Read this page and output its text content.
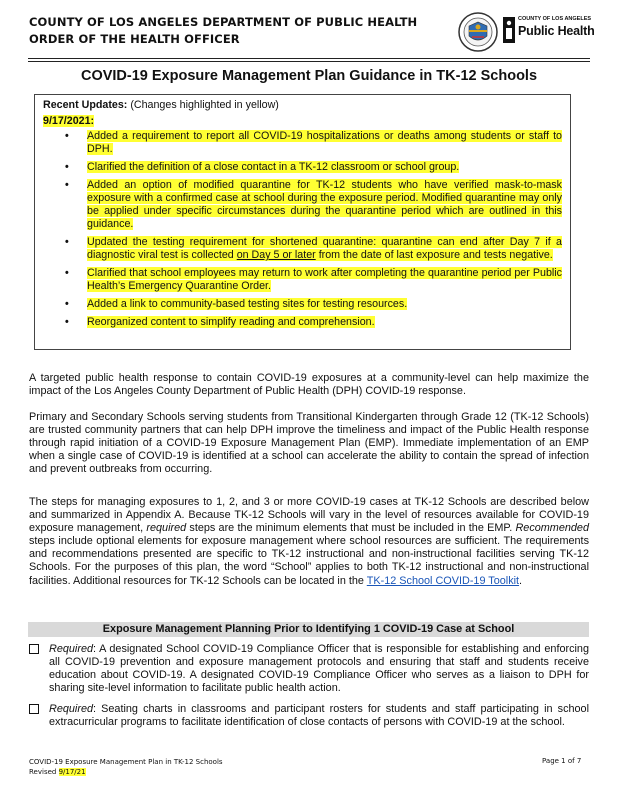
COUNTY OF LOS ANGELES DEPARTMENT OF PUBLIC HEALTH
ORDER OF THE HEALTH OFFICER
COUNTY OF LOS ANGELES
Public Health
COVID-19 Exposure Management Plan Guidance in TK-12 Schools
Recent Updates: (Changes highlighted in yellow)
9/17/2021:
• Added a requirement to report all COVID-19 hospitalizations or deaths among students or staff to DPH.
• Clarified the definition of a close contact in a TK-12 classroom or school group.
• Added an option of modified quarantine for TK-12 students who have verified mask-to-mask exposure with a confirmed case at school during the exposure period. Modified quarantine may only be applied under specific circumstances during the quarantine period which are outlined in this guidance.
• Updated the testing requirement for shortened quarantine: quarantine can end after Day 7 if a diagnostic viral test is collected on Day 5 or later from the date of last exposure and tests negative.
• Clarified that school employees may return to work after completing the quarantine period per Public Health’s Emergency Quarantine Order.
• Added a link to community-based testing sites for testing resources.
• Reorganized content to simplify reading and comprehension.

A targeted public health response to contain COVID-19 exposures at a community-level can help maximize the impact of the Los Angeles County Department of Public Health (DPH) COVID-19 response.

Primary and Secondary Schools serving students from Transitional Kindergarten through Grade 12 (TK-12 Schools) are trusted community partners that can help DPH improve the timeliness and impact of the Public Health response through rapid initiation of a COVID-19 Exposure Management Plan (EMP). Immediate implementation of an EMP when a single case of COVID-19 is identified at a school can accelerate the ability to contain the spread of infection and prevent outbreaks from occurring.

The steps for managing exposures to 1, 2, and 3 or more COVID-19 cases at TK-12 Schools are described below and summarized in Appendix A. Because TK-12 Schools will vary in the level of resources available for COVID-19 exposure management, required steps are the minimum elements that must be included in the EMP. Recommended steps include optional elements for exposure management where school resources are sufficient. The requirements and recommendations presented are specific to TK-12 instructional and non-instructional facilities serving TK-12 Schools. For the purposes of this plan, the word “School” applies to both TK-12 instructional and non-instructional facilities. Additional resources for TK-12 Schools can be located in the TK-12 School COVID-19 Toolkit.

Exposure Management Planning Prior to Identifying 1 COVID-19 Case at School
Required: A designated School COVID-19 Compliance Officer that is responsible for establishing and enforcing all COVID-19 prevention and exposure management protocols and ensuring that staff and students receive education about COVID-19. A designated COVID-19 Compliance Officer who serves as a liaison to DPH for sharing site-level information to facilitate public health action.
Required: Seating charts in classrooms and participant rosters for students and staff participating in school extracurricular programs to facilitate identification of close contacts of persons with COVID-19 at the school.
COVID-19 Exposure Management Plan in TK-12 Schools
Revised 9/17/21
Page 1 of 7
